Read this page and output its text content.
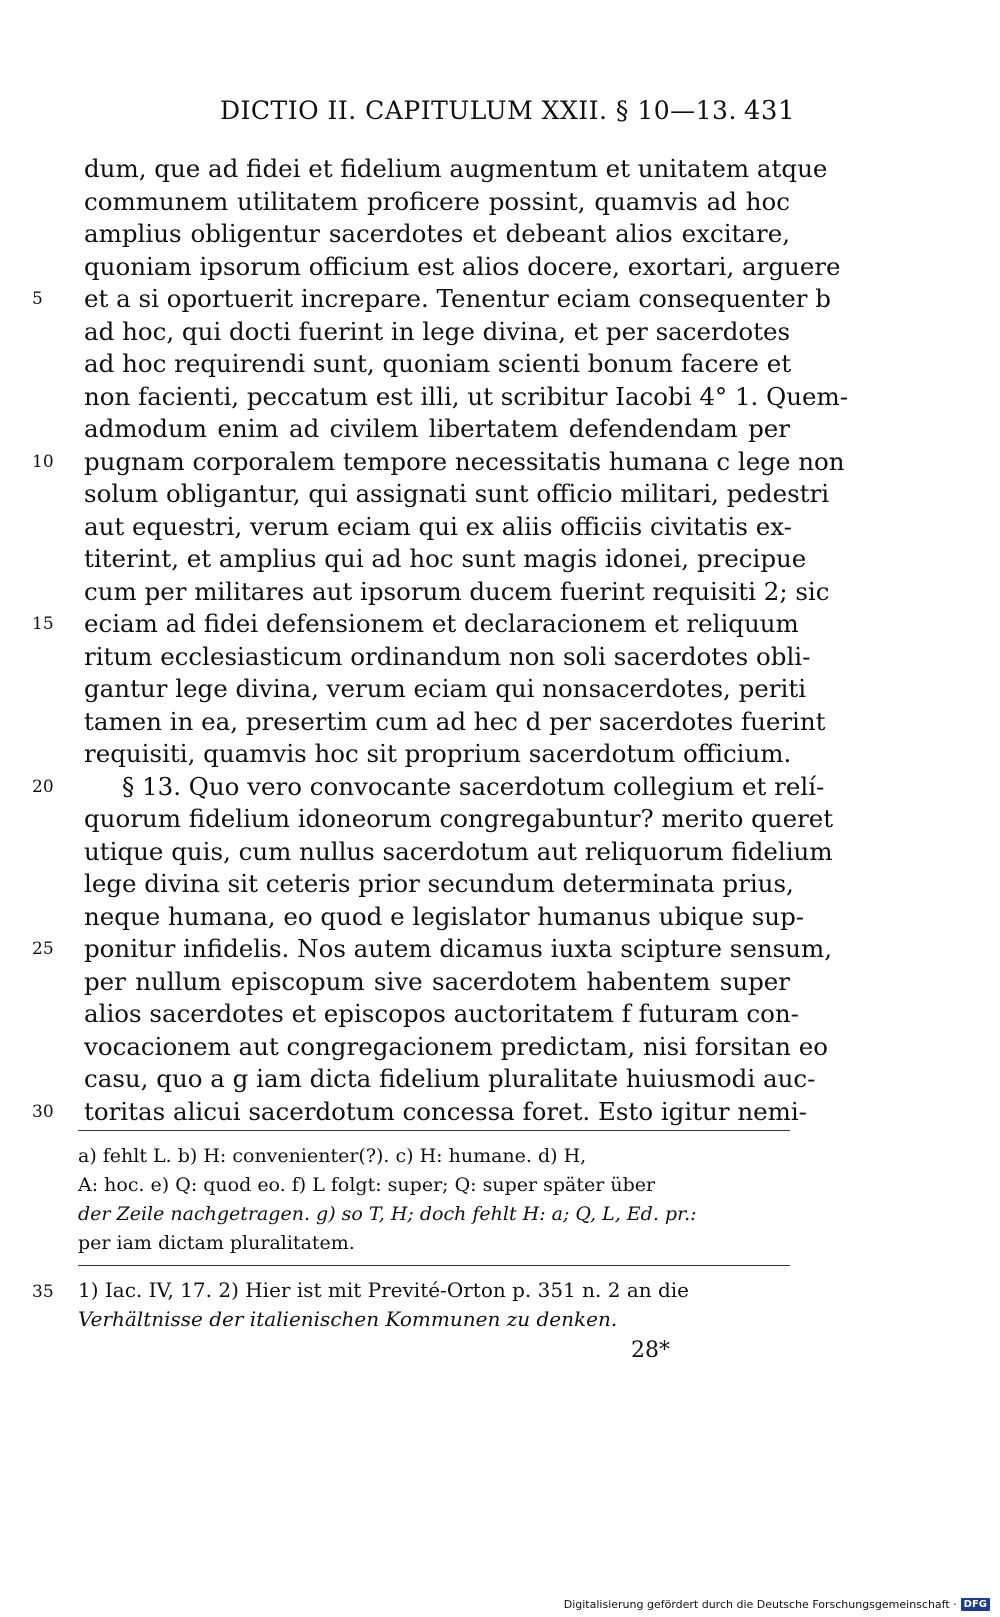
DICTIO II. CAPITULUM XXII. § 10—13. 431
dum, que ad fidei et fidelium augmentum et unitatem atque
communem utilitatem proficere possint, quamvis ad hoc
amplius obligentur sacerdotes et debeant alios excitare,
quoniam ipsorum officium est alios docere, exortari, arguere
5	et a si oportuerit increpare. Tenentur eciam consequenter b
ad hoc, qui docti fuerint in lege divina, et per sacerdotes
ad hoc requirendi sunt, quoniam scienti bonum facere et
non facienti, peccatum est illi, ut scribitur Iacobi 4° 1. Quem-
admodum enim ad civilem libertatem defendendam per
10 pugnam corporalem tempore necessitatis humana c lege non
solum obligantur, qui assignati sunt officio militari, pedestri
aut equestri, verum eciam qui ex aliis officiis civitatis ex-
titerint, et amplius qui ad hoc sunt magis idonei, precipue
cum per militares aut ipsorum ducem fuerint requisiti 2; sic
15 eciam ad fidei defensionem et declaracionem et reliquum
ritum ecclesiasticum ordinandum non soli sacerdotes obli-
gantur lege divina, verum eciam qui nonsacerdotes, periti
tamen in ea, presertim cum ad hec d per sacerdotes fuerint
requisiti, quamvis hoc sit proprium sacerdotum officium.
20	§ 13. Quo vero convocante sacerdotum collegium et relí-
quorum fidelium idoneorum congregabuntur? merito queret
utique quis, cum nullus sacerdotum aut reliquorum fidelium
lege divina sit ceteris prior secundum determinata prius,
neque humana, eo quod e legislator humanus ubique sup-
25 ponitur infidelis. Nos autem dicamus iuxta scipture sensum,
per nullum episcopum sive sacerdotem habentem super
alios sacerdotes et episcopos auctoritatem f futuram con-
vocacionem aut congregacionem predictam, nisi forsitan eo
casu, quo a g iam dicta fidelium pluralitate huiusmodi auc-
30 toritas alicui sacerdotum concessa foret. Esto igitur nemi-
a) fehlt L. b) H: convenienter(?). c) H: humane. d) H,
A: hoc. e) Q: quod eo. f) L folgt: super; Q: super später über
der Zeile nachgetragen. g) so T, H; doch fehlt H: a; Q, L, Ed. pr.:
per iam dictam pluralitatem.
35 1) Iac. IV, 17. 2) Hier ist mit Previté-Orton p. 351 n. 2 an die
Verhältnisse der italienischen Kommunen zu denken.
28*
Digitalisierung gefördert durch die Deutsche Forschungsgemeinschaft · DFG
